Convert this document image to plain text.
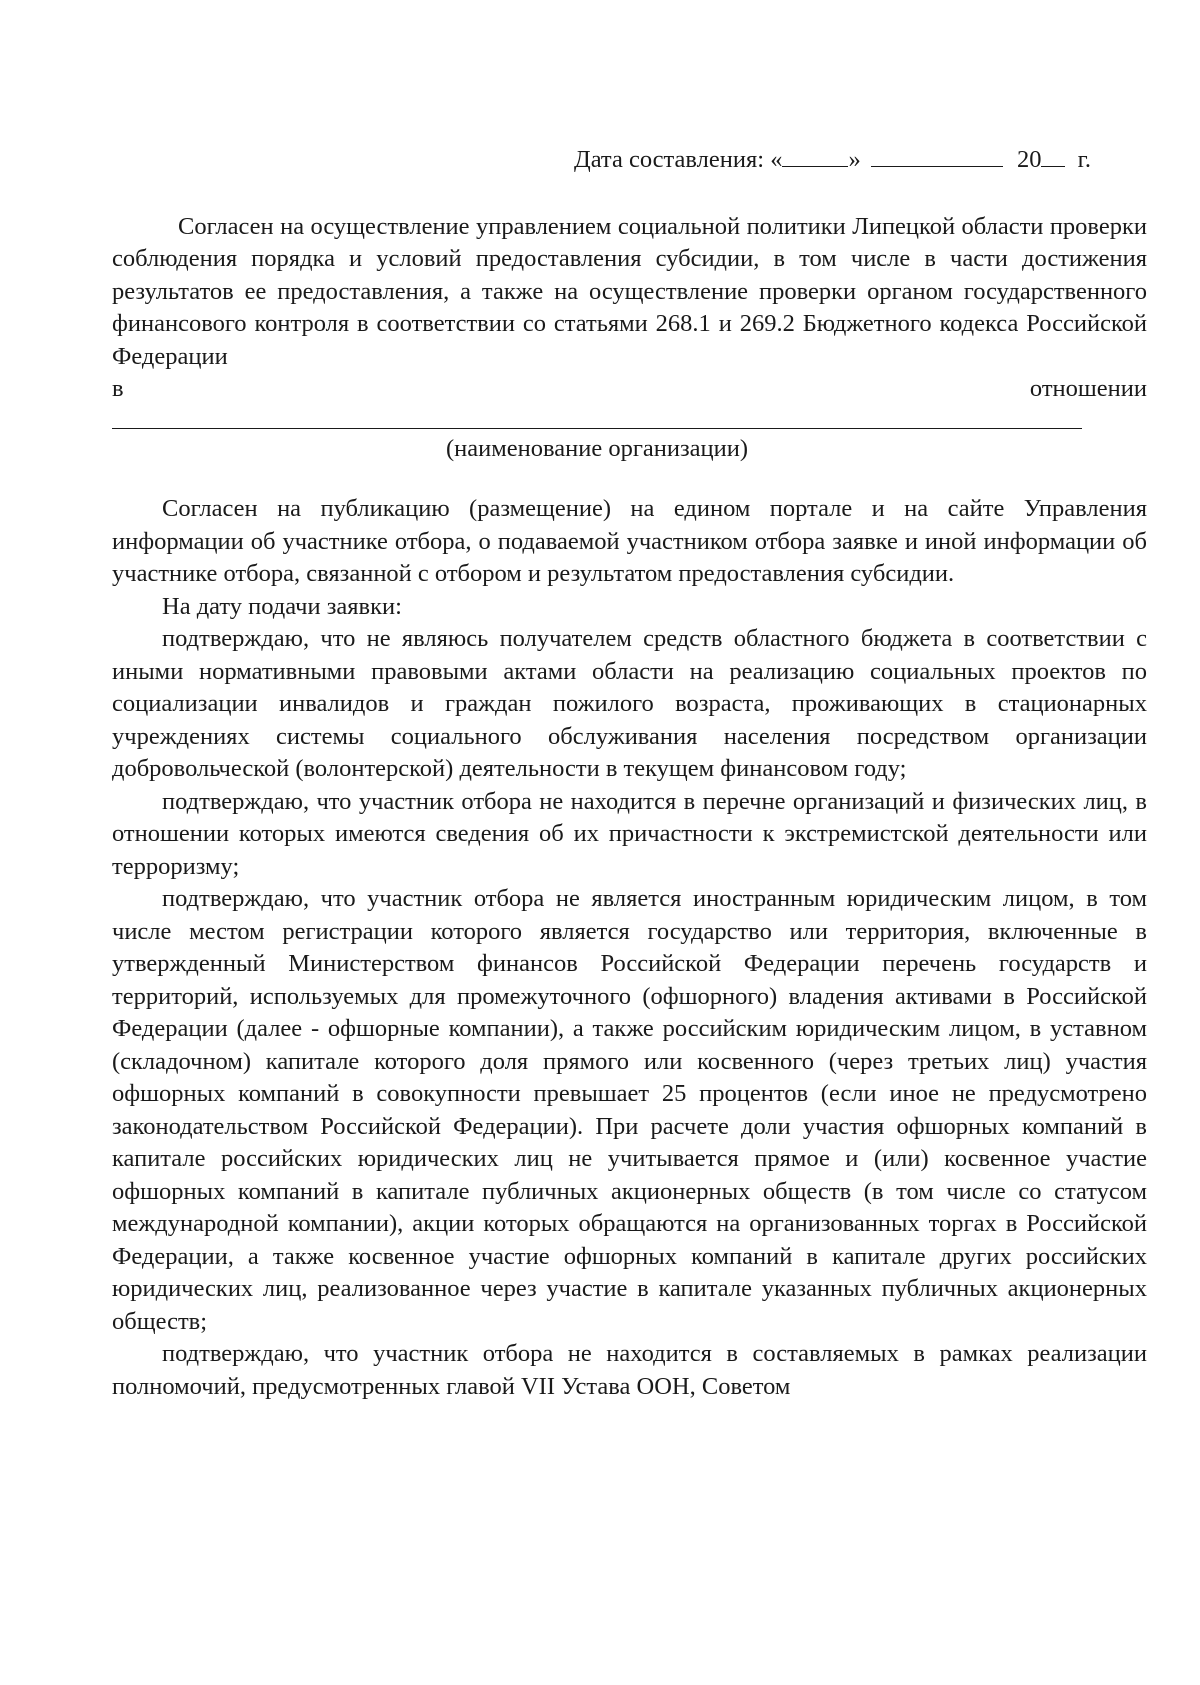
Дата составления: «	»	20 г.

Согласен на осуществление управлением социальной политики Липецкой области проверки соблюдения порядка и условий предоставления субсидии, в том числе в части достижения результатов ее предоставления, а также на осуществление проверки органом государственного финансового контроля в соответствии со статьями 268.1 и 269.2 Бюджетного кодекса Российской Федерации

в	отношении
(наименование организации)

Согласен на публикацию (размещение) на едином портале и на сайте Управления информации об участнике отбора, о подаваемой участником отбора заявке и иной информации об участнике отбора, связанной с отбором и результатом предоставления субсидии.

На дату подачи заявки:

подтверждаю, что не являюсь получателем средств областного бюджета в соответствии с иными нормативными правовыми актами области на реализацию социальных проектов по социализации инвалидов и граждан пожилого возраста, проживающих в стационарных учреждениях системы социального обслуживания населения посредством организации добровольческой (волонтерской) деятельности в текущем финансовом году;

подтверждаю, что участник отбора не находится в перечне организаций и физических лиц, в отношении которых имеются сведения об их причастности к экстремистской деятельности или терроризму;

подтверждаю, что участник отбора не является иностранным юридическим лицом, в том числе местом регистрации которого является государство или территория, включенные в утвержденный Министерством финансов Российской Федерации перечень государств и территорий, используемых для промежуточного (офшорного) владения активами в Российской Федерации (далее - офшорные компании), а также российским юридическим лицом, в уставном (складочном) капитале которого доля прямого или косвенного (через третьих лиц) участия офшорных компаний в совокупности превышает 25 процентов (если иное не предусмотрено законодательством Российской Федерации). При расчете доли участия офшорных компаний в капитале российских юридических лиц не учитывается прямое и (или) косвенное участие офшорных компаний в капитале публичных акционерных обществ (в том числе со статусом международной компании), акции которых обращаются на организованных торгах в Российской Федерации, а также косвенное участие офшорных компаний в капитале других российских юридических лиц, реализованное через участие в капитале указанных публичных акционерных обществ;

подтверждаю, что участник отбора не находится в составляемых в рамках реализации полномочий, предусмотренных главой VII Устава ООН, Советом
